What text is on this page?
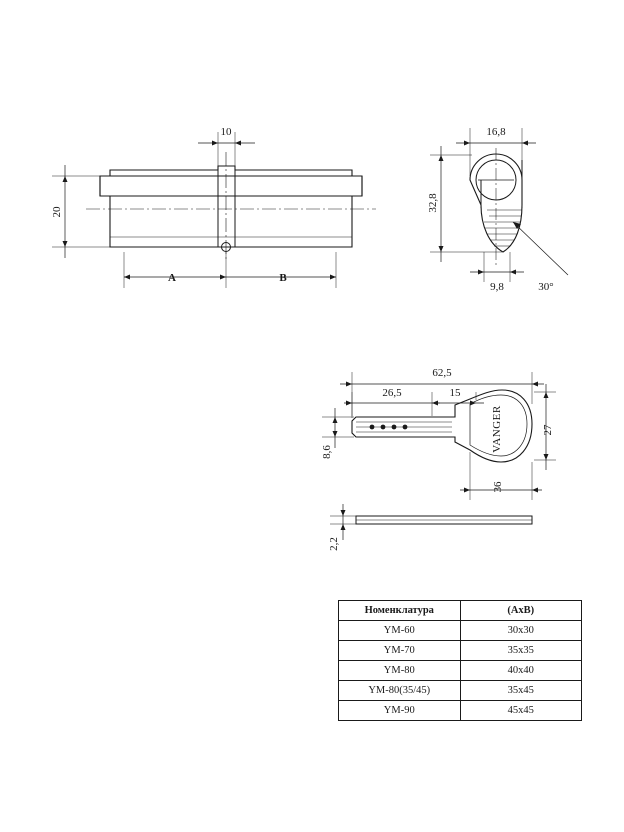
10
20
A	B
16,8
32,8
9,8	30°
62,5
26,5	15
8,6
27
36
2,2
VANGER
Номенклатура	(AxB)
YM-60	30x30
YM-70	35x35
YM-80	40x40
YM-80(35/45)	35x45
YM-90	45x45
